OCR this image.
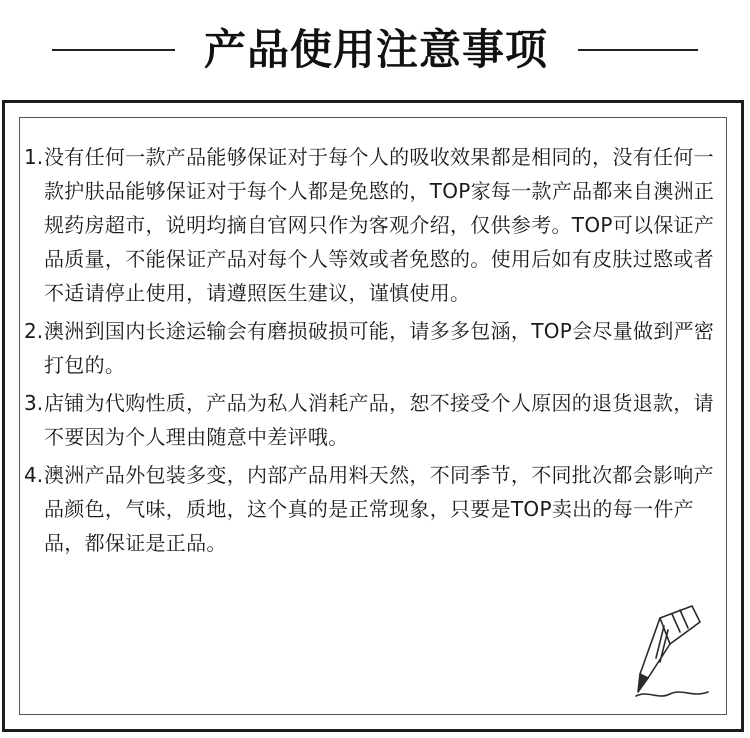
产品使用注意事项
1. 没有任何一款产品能够保证对于每个人的吸收效果都是相同的，没有任何一款护肤品能够保证对于每个人都是免愍的，TOP家每一款产品都来自澳洲正规药房超市，说明均摘自官网只作为客观介绍，仅供参考。TOP可以保证产品质量，不能保证产品对每个人等效或者免愍的。使用后如有皮肤过愍或者不适请停止使用，请遵照医生建议，谨慎使用。
2. 澳洲到国内长途运输会有磨损破损可能，请多多包涵，TOP会尽量做到严密打包的。
3. 店铺为代购性质，产品为私人消耗产品，恕不接受个人原因的退货退款，请不要因为个人理由随意中差评哦。
4. 澳洲产品外包装多变，内部产品用料天然，不同季节，不同批次都会影响产品颜色，气味，质地，这个真的是正常现象，只要是TOP卖出的每一件产品，都保证是正品。
